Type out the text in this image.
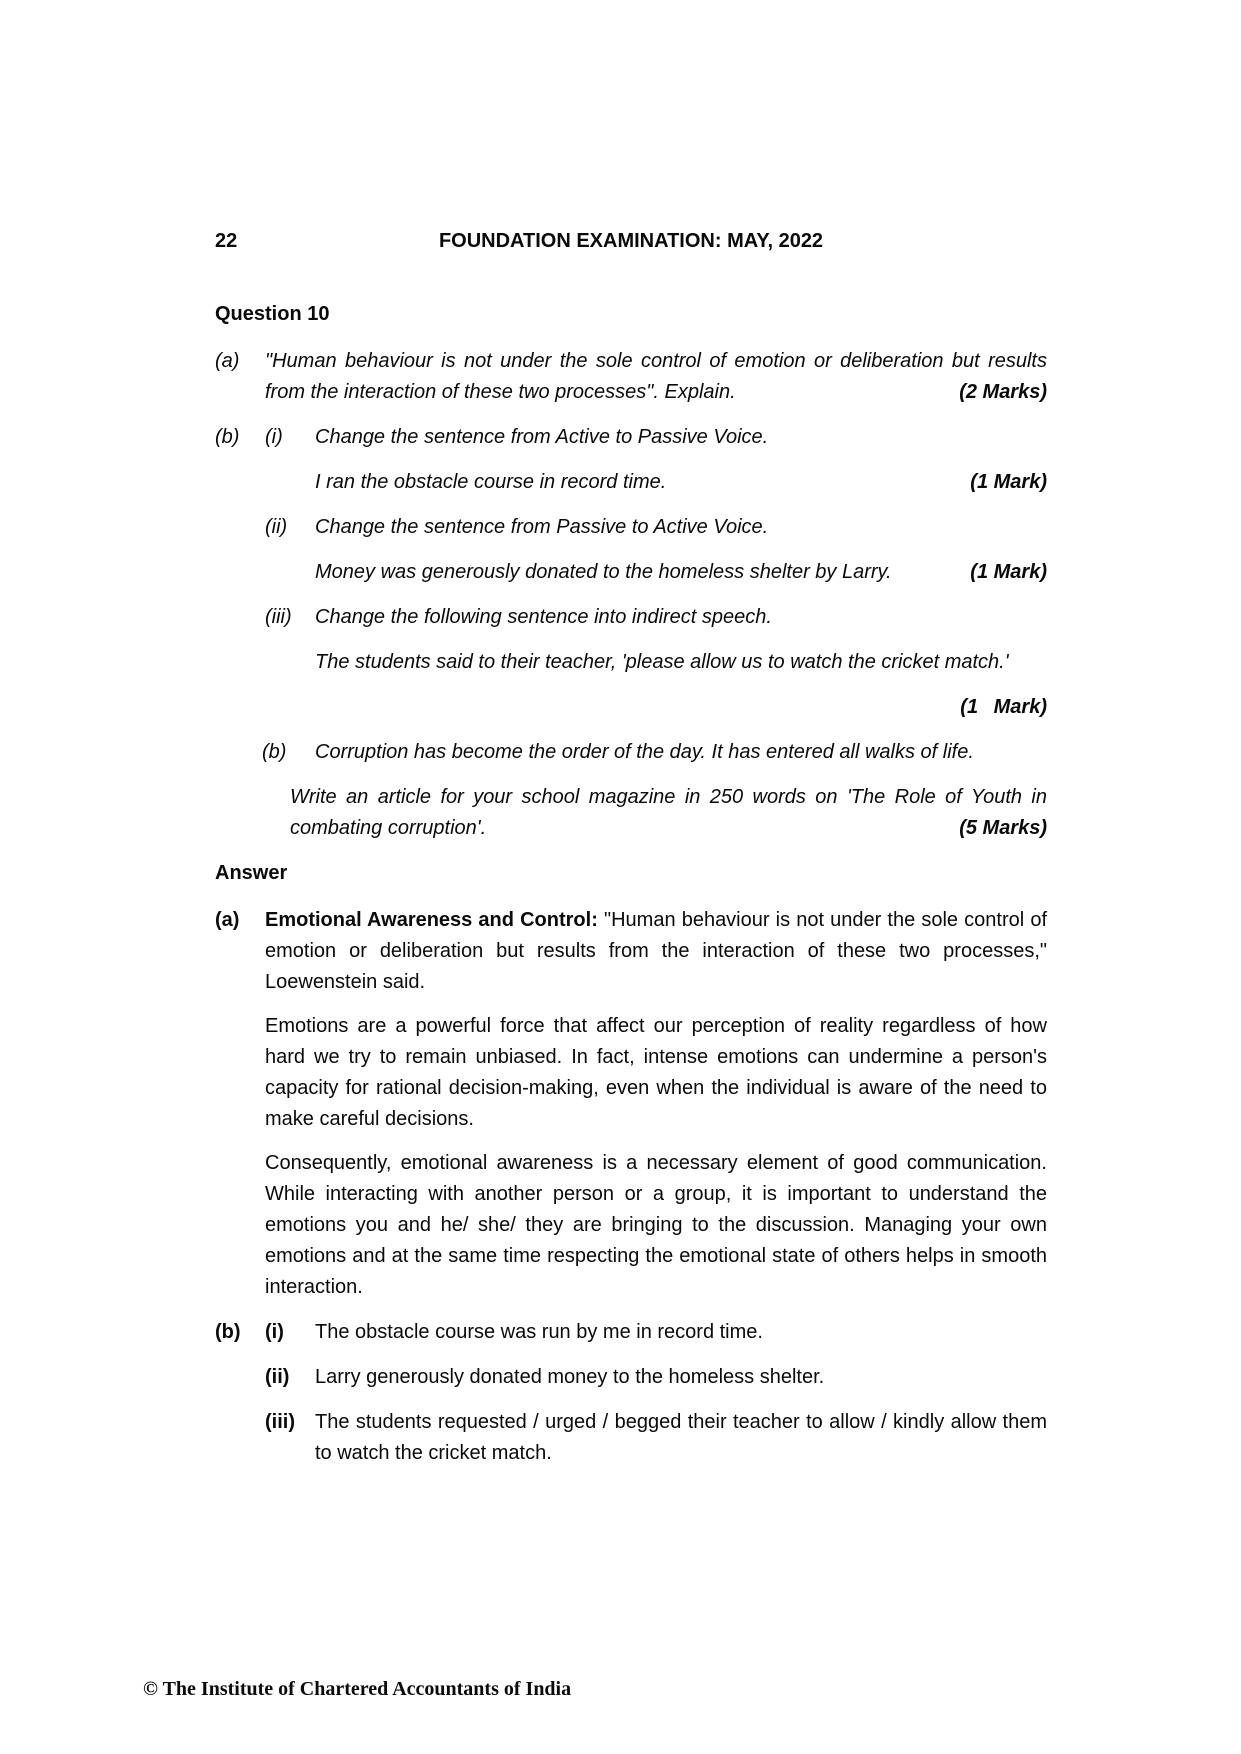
22	FOUNDATION EXAMINATION: MAY, 2022
Question 10
(a)	"Human behaviour is not under the sole control of emotion or deliberation but results from the interaction of these two processes". Explain.	(2 Marks)

(b)	(i)	Change the sentence from Active to Passive Voice.

I ran the obstacle course in record time.	(1 Mark)

(ii)	Change the sentence from Passive to Active Voice.

Money was generously donated to the homeless shelter by Larry.	(1 Mark)

(iii)	Change the following sentence into indirect speech.

The students said to their teacher, 'please allow us to watch the cricket match.'

(1 Mark)

(b)	Corruption has become the order of the day. It has entered all walks of life.

Write an article for your school magazine in 250 words on 'The Role of Youth in combating corruption'.	(5 Marks)

Answer
(a)	Emotional Awareness and Control: "Human behaviour is not under the sole control of emotion or deliberation but results from the interaction of these two processes," Loewenstein said.

Emotions are a powerful force that affect our perception of reality regardless of how hard we try to remain unbiased. In fact, intense emotions can undermine a person's capacity for rational decision-making, even when the individual is aware of the need to make careful decisions.

Consequently, emotional awareness is a necessary element of good communication. While interacting with another person or a group, it is important to understand the emotions you and he/ she/ they are bringing to the discussion. Managing your own emotions and at the same time respecting the emotional state of others helps in smooth interaction.

(b)	(i)	The obstacle course was run by me in record time.

(ii)	Larry generously donated money to the homeless shelter.

(iii)	The students requested / urged / begged their teacher to allow / kindly allow them to watch the cricket match.

© The Institute of Chartered Accountants of India
